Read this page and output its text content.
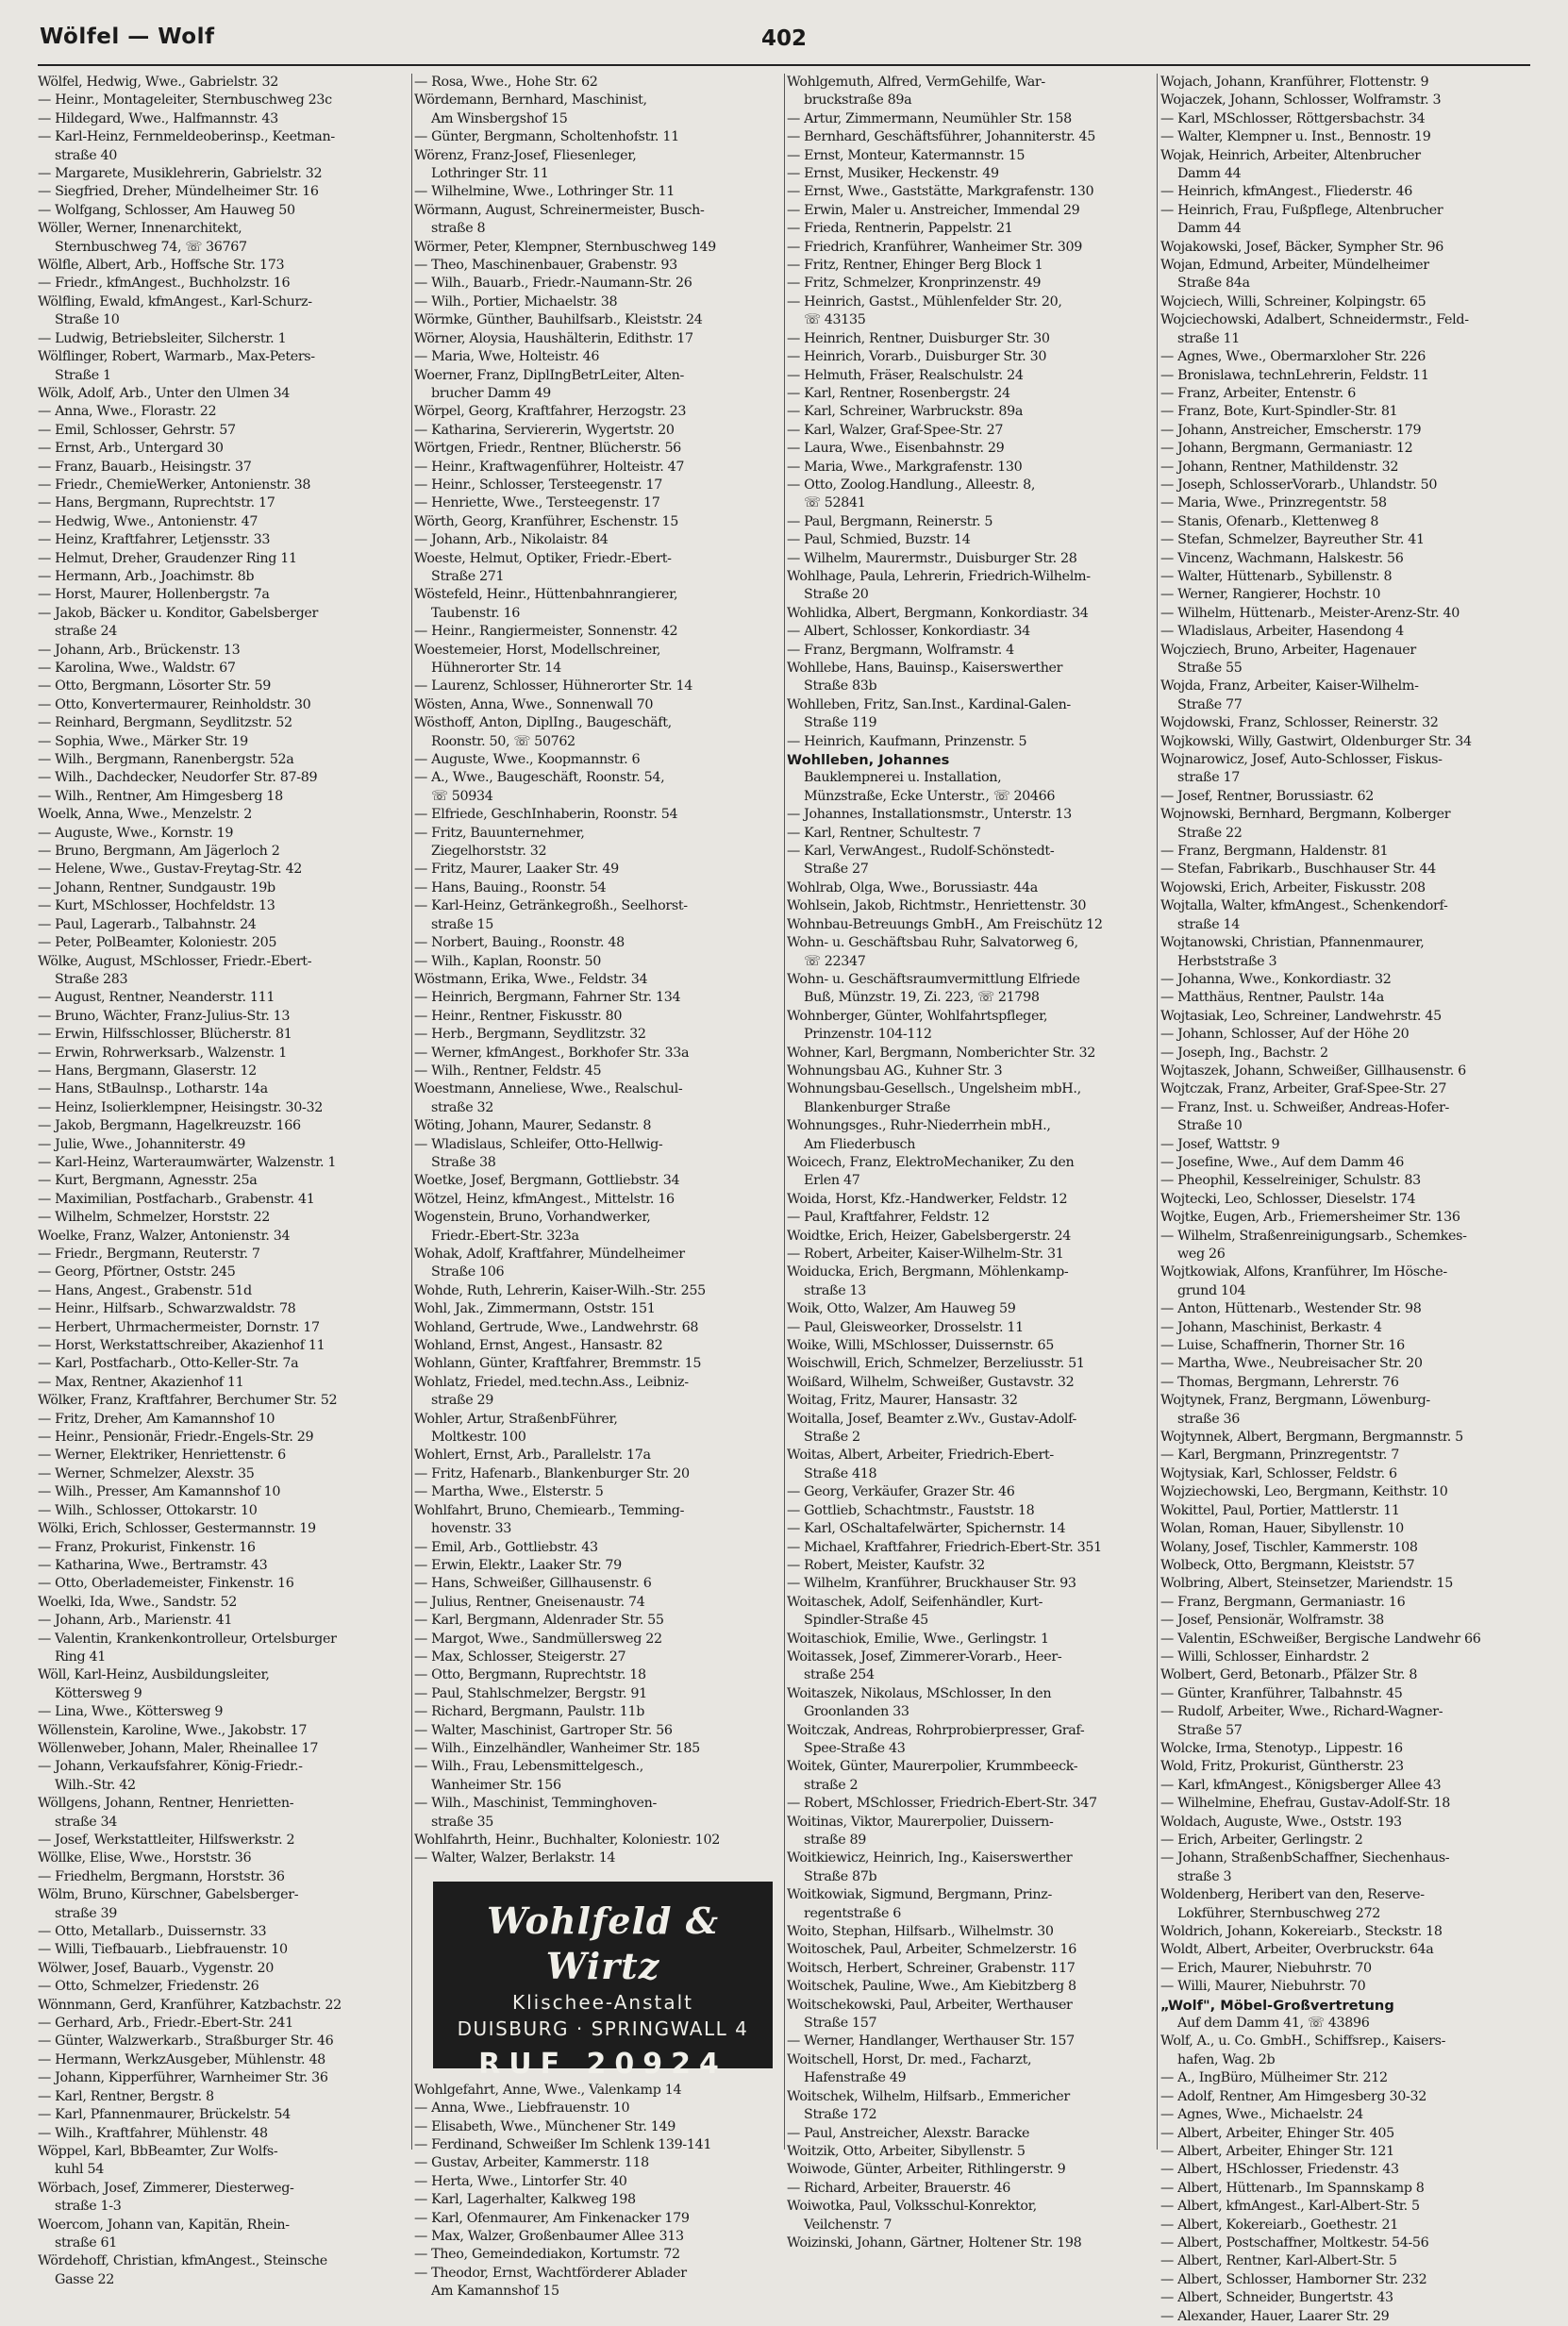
Wölfel — Wolf	402
Wölfel, Hedwig, Wwe., Gabrielstr. 32
— Heinr., Montageleiter, Sternbuschweg 23c
— Hildegard, Wwe., Halfmannstr. 43
— Karl-Heinz, Fernmeldeoberinsp., Keetman-
straße 40
— Margarete, Musiklehrerin, Gabrielstr. 32
— Siegfried, Dreher, Mündelheimer Str. 16
— Wolfgang, Schlosser, Am Hauweg 50
Wöller, Werner, Innenarchitekt,
Sternbuschweg 74, ☏ 36767
Wölfle, Albert, Arb., Hoffsche Str. 173
— Friedr., kfmAngest., Buchholzstr. 16
Wölfling, Ewald, kfmAngest., Karl-Schurz-
Straße 10
— Ludwig, Betriebsleiter, Silcherstr. 1
Wölflinger, Robert, Warmarb., Max-Peters-
Straße 1
Wölk, Adolf, Arb., Unter den Ulmen 34
— Anna, Wwe., Florastr. 22
— Emil, Schlosser, Gehrstr. 57
— Ernst, Arb., Untergard 30
— Franz, Bauarb., Heisingstr. 37
— Friedr., ChemieWerker, Antonienstr. 38
— Hans, Bergmann, Ruprechtstr. 17
— Hedwig, Wwe., Antonienstr. 47
— Heinz, Kraftfahrer, Letjensstr. 33
— Helmut, Dreher, Graudenzer Ring 11
— Hermann, Arb., Joachimstr. 8b
— Horst, Maurer, Hollenbergstr. 7a
— Jakob, Bäcker u. Konditor, Gabelsberger
straße 24
— Johann, Arb., Brückenstr. 13
— Karolina, Wwe., Waldstr. 67
— Otto, Bergmann, Lösorter Str. 59
— Otto, Konvertermaurer, Reinholdstr. 30
— Reinhard, Bergmann, Seydlitzstr. 52
— Sophia, Wwe., Märker Str. 19
— Wilh., Bergmann, Ranenbergstr. 52a
— Wilh., Dachdecker, Neudorfer Str. 87-89
— Wilh., Rentner, Am Himgesberg 18
Woelk, Anna, Wwe., Menzelstr. 2
— Auguste, Wwe., Kornstr. 19
— Bruno, Bergmann, Am Jägerloch 2
— Helene, Wwe., Gustav-Freytag-Str. 42
— Johann, Rentner, Sundgaustr. 19b
— Kurt, MSchlosser, Hochfeldstr. 13
— Paul, Lagerarb., Talbahnstr. 24
— Peter, PolBeamter, Koloniestr. 205
Wölke, August, MSchlosser, Friedr.-Ebert-
Straße 283
— August, Rentner, Neanderstr. 111
— Bruno, Wächter, Franz-Julius-Str. 13
— Erwin, Hilfsschlosser, Blücherstr. 81
— Erwin, Rohrwerksarb., Walzenstr. 1
— Hans, Bergmann, Glaserstr. 12
— Hans, StBaulnsp., Lotharstr. 14a
— Heinz, Isolierklempner, Heisingstr. 30-32
— Jakob, Bergmann, Hagelkreuzstr. 166
— Julie, Wwe., Johanniterstr. 49
— Karl-Heinz, Warteraumwärter, Walzenstr. 1
— Kurt, Bergmann, Agnesstr. 25a
— Maximilian, Postfacharb., Grabenstr. 41
— Wilhelm, Schmelzer, Horststr. 22
Woelke, Franz, Walzer, Antonienstr. 34
— Friedr., Bergmann, Reuterstr. 7
— Georg, Pförtner, Oststr. 245
— Hans, Angest., Grabenstr. 51d
— Heinr., Hilfsarb., Schwarzwaldstr. 78
— Herbert, Uhrmachermeister, Dornstr. 17
— Horst, Werkstattschreiber, Akazienhof 11
— Karl, Postfacharb., Otto-Keller-Str. 7a
— Max, Rentner, Akazienhof 11
Wölker, Franz, Kraftfahrer, Berchumer Str. 52
— Fritz, Dreher, Am Kamannshof 10
— Heinr., Pensionär, Friedr.-Engels-Str. 29
— Werner, Elektriker, Henriettenstr. 6
— Werner, Schmelzer, Alexstr. 35
— Wilh., Presser, Am Kamannshof 10
— Wilh., Schlosser, Ottokarstr. 10
Wölki, Erich, Schlosser, Gestermannstr. 19
— Franz, Prokurist, Finkenstr. 16
— Katharina, Wwe., Bertramstr. 43
— Otto, Oberlademeister, Finkenstr. 16
Woelki, Ida, Wwe., Sandstr. 52
— Johann, Arb., Marienstr. 41
— Valentin, Krankenkontrolleur, Ortelsburger
Ring 41
Wöll, Karl-Heinz, Ausbildungsleiter,
Köttersweg 9
— Lina, Wwe., Köttersweg 9
Wöllenstein, Karoline, Wwe., Jakobstr. 17
Wöllenweber, Johann, Maler, Rheinallee 17
— Johann, Verkaufsfahrer, König-Friedr.-
Wilh.-Str. 42
Wöllgens, Johann, Rentner, Henrietten-
straße 34
— Josef, Werkstattleiter, Hilfswerkstr. 2
Wöllke, Elise, Wwe., Horststr. 36
— Friedhelm, Bergmann, Horststr. 36
Wölm, Bruno, Kürschner, Gabelsberger-
straße 39
— Otto, Metallarb., Duissernstr. 33
— Willi, Tiefbauarb., Liebfrauenstr. 10
Wölwer, Josef, Bauarb., Vygenstr. 20
— Otto, Schmelzer, Friedenstr. 26
Wönnmann, Gerd, Kranführer, Katzbachstr. 22
— Gerhard, Arb., Friedr.-Ebert-Str. 241
— Günter, Walzwerkarb., Straßburger Str. 46
— Hermann, WerkzAusgeber, Mühlenstr. 48
— Johann, Kipperführer, Warnheimer Str. 36
— Karl, Rentner, Bergstr. 8
— Karl, Pfannenmaurer, Brückelstr. 54
— Wilh., Kraftfahrer, Mühlenstr. 48
Wöppel, Karl, BbBeamter, Zur Wolfs-
kuhl 54
Wörbach, Josef, Zimmerer, Diesterweg-
straße 1-3
Woercom, Johann van, Kapitän, Rhein-
straße 61
Wördehoff, Christian, kfmAngest., Steinsche
Gasse 22
— Rosa, Wwe., Hohe Str. 62
Wördemann, Bernhard, Maschinist,
Am Winsbergshof 15
— Günter, Bergmann, Scholtenhofstr. 11
Wörenz, Franz-Josef, Fliesenleger,
Lothringer Str. 11
— Wilhelmine, Wwe., Lothringer Str. 11
Wörmann, August, Schreinermeister, Busch-
straße 8
Wörmer, Peter, Klempner, Sternbuschweg 149
— Theo, Maschinenbauer, Grabenstr. 93
— Wilh., Bauarb., Friedr.-Naumann-Str. 26
— Wilh., Portier, Michaelstr. 38
Wörmke, Günther, Bauhilfsarb., Kleiststr. 24
Wörner, Aloysia, Haushälterin, Edithstr. 17
— Maria, Wwe, Holteistr. 46
Woerner, Franz, DiplIngBetrLeiter, Alten-
brucher Damm 49
Wörpel, Georg, Kraftfahrer, Herzogstr. 23
— Katharina, Serviererin, Wygertstr. 20
Wörtgen, Friedr., Rentner, Blücherstr. 56
— Heinr., Kraftwagenführer, Holteistr. 47
— Heinr., Schlosser, Tersteegenstr. 17
— Henriette, Wwe., Tersteegenstr. 17
Wörth, Georg, Kranführer, Eschenstr. 15
— Johann, Arb., Nikolaistr. 84
Woeste, Helmut, Optiker, Friedr.-Ebert-
Straße 271
Wöstefeld, Heinr., Hüttenbahnrangierer,
Taubenstr. 16
— Heinr., Rangiermeister, Sonnenstr. 42
Woestemeier, Horst, Modellschreiner,
Hühnerorter Str. 14
— Laurenz, Schlosser, Hühnerorter Str. 14
Wösten, Anna, Wwe., Sonnenwall 70
Wösthoff, Anton, DiplIng., Baugeschäft,
Roonstr. 50, ☏ 50762
— Auguste, Wwe., Koopmannstr. 6
— A., Wwe., Baugeschäft, Roonstr. 54,
☏ 50934
— Elfriede, GeschInhaberin, Roonstr. 54
— Fritz, Bauunternehmer,
Ziegelhorststr. 32
— Fritz, Maurer, Laaker Str. 49
— Hans, Bauing., Roonstr. 54
— Karl-Heinz, Getränkegroßh., Seelhorst-
straße 15
— Norbert, Bauing., Roonstr. 48
— Wilh., Kaplan, Roonstr. 50
Wöstmann, Erika, Wwe., Feldstr. 34
— Heinrich, Bergmann, Fahrner Str. 134
— Heinr., Rentner, Fiskusstr. 80
— Herb., Bergmann, Seydlitzstr. 32
— Werner, kfmAngest., Borkhofer Str. 33a
— Wilh., Rentner, Feldstr. 45
Woestmann, Anneliese, Wwe., Realschul-
straße 32
Wöting, Johann, Maurer, Sedanstr. 8
— Wladislaus, Schleifer, Otto-Hellwig-
Straße 38
Woetke, Josef, Bergmann, Gottliebstr. 34
Wötzel, Heinz, kfmAngest., Mittelstr. 16
Wogenstein, Bruno, Vorhandwerker,
Friedr.-Ebert-Str. 323a
Wohak, Adolf, Kraftfahrer, Mündelheimer
Straße 106
Wohde, Ruth, Lehrerin, Kaiser-Wilh.-Str. 255
Wohl, Jak., Zimmermann, Oststr. 151
Wohland, Gertrude, Wwe., Landwehrstr. 68
Wohland, Ernst, Angest., Hansastr. 82
Wohlann, Günter, Kraftfahrer, Bremmstr. 15
Wohlatz, Friedel, med.techn.Ass., Leibniz-
straße 29
Wohler, Artur, StraßenbFührer,
Moltkestr. 100
Wohlert, Ernst, Arb., Parallelstr. 17a
— Fritz, Hafenarb., Blankenburger Str. 20
— Martha, Wwe., Elsterstr. 5
Wohlfahrt, Bruno, Chemiearb., Temming-
hovenstr. 33
— Emil, Arb., Gottliebstr. 43
— Erwin, Elektr., Laaker Str. 79
— Hans, Schweißer, Gillhausenstr. 6
— Julius, Rentner, Gneisenaustr. 74
— Karl, Bergmann, Aldenrader Str. 55
— Margot, Wwe., Sandmüllersweg 22
— Max, Schlosser, Steigerstr. 27
— Otto, Bergmann, Ruprechtstr. 18
— Paul, Stahlschmelzer, Bergstr. 91
— Richard, Bergmann, Paulstr. 11b
— Walter, Maschinist, Gartroper Str. 56
— Wilh., Einzelhändler, Wanheimer Str. 185
— Wilh., Frau, Lebensmittelgesch.,
Wanheimer Str. 156
— Wilh., Maschinist, Temminghoven-
straße 35
Wohlfahrth, Heinr., Buchhalter, Koloniestr. 102
— Walter, Walzer, Berlakstr. 14
Wohlfeld & Wirtz
Klischee-Anstalt
DUISBURG · SPRINGWALL 4
RUF 20924
Wohlgefahrt, Anne, Wwe., Valenkamp 14
— Anna, Wwe., Liebfrauenstr. 10
— Elisabeth, Wwe., Münchener Str. 149
— Ferdinand, Schweißer Im Schlenk 139-141
— Gustav, Arbeiter, Kammerstr. 118
— Herta, Wwe., Lintorfer Str. 40
— Karl, Lagerhalter, Kalkweg 198
— Karl, Ofenmaurer, Am Finkenacker 179
— Max, Walzer, Großenbaumer Allee 313
— Theo, Gemeindediakon, Kortumstr. 72
— Theodor, Ernst, Wachtförderer Ablader
Am Kamannshof 15
Wohlgemuth, Alfred, VermGehilfe, War-
bruckstraße 89a
— Artur, Zimmermann, Neumühler Str. 158
— Bernhard, Geschäftsführer, Johanniterstr. 45
— Ernst, Monteur, Katermannstr. 15
— Ernst, Musiker, Heckenstr. 49
— Ernst, Wwe., Gaststätte, Markgrafenstr. 130
— Erwin, Maler u. Anstreicher, Immendal 29
— Frieda, Rentnerin, Pappelstr. 21
— Friedrich, Kranführer, Wanheimer Str. 309
— Fritz, Rentner, Ehinger Berg Block 1
— Fritz, Schmelzer, Kronprinzenstr. 49
— Heinrich, Gastst., Mühlenfelder Str. 20,
☏ 43135
— Heinrich, Rentner, Duisburger Str. 30
— Heinrich, Vorarb., Duisburger Str. 30
— Helmuth, Fräser, Realschulstr. 24
— Karl, Rentner, Rosenbergstr. 24
— Karl, Schreiner, Warbruckstr. 89a
— Karl, Walzer, Graf-Spee-Str. 27
— Laura, Wwe., Eisenbahnstr. 29
— Maria, Wwe., Markgrafenstr. 130
— Otto, Zoolog.Handlung., Alleestr. 8,
☏ 52841
— Paul, Bergmann, Reinerstr. 5
— Paul, Schmied, Buzstr. 14
— Wilhelm, Maurermstr., Duisburger Str. 28
Wohlhage, Paula, Lehrerin, Friedrich-Wilhelm-
Straße 20
Wohlidka, Albert, Bergmann, Konkordiastr. 34
— Albert, Schlosser, Konkordiastr. 34
— Franz, Bergmann, Wolframstr. 4
Wohllebe, Hans, Bauinsp., Kaiserswerther
Straße 83b
Wohlleben, Fritz, San.Inst., Kardinal-Galen-
Straße 119
— Heinrich, Kaufmann, Prinzenstr. 5
Wohlleben, Johannes
Bauklempnerei u. Installation,
Münzstraße, Ecke Unterstr., ☏ 20466
— Johannes, Installationsmstr., Unterstr. 13
— Karl, Rentner, Schultestr. 7
— Karl, VerwAngest., Rudolf-Schönstedt-
Straße 27
Wohlrab, Olga, Wwe., Borussiastr. 44a
Wohlsein, Jakob, Richtmstr., Henriettenstr. 30
Wohnbau-Betreuungs GmbH., Am Freischütz 12
Wohn- u. Geschäftsbau Ruhr, Salvatorweg 6,
☏ 22347
Wohn- u. Geschäftsraumvermittlung Elfriede
Buß, Münzstr. 19, Zi. 223, ☏ 21798
Wohnberger, Günter, Wohlfahrtspfleger,
Prinzenstr. 104-112
Wohner, Karl, Bergmann, Nomberichter Str. 32
Wohnungsbau AG., Kuhner Str. 3
Wohnungsbau-Gesellsch., Ungelsheim mbH.,
Blankenburger Straße
Wohnungsges., Ruhr-Niederrhein mbH.,
Am Fliederbusch
Woicech, Franz, ElektroMechaniker, Zu den
Erlen 47
Woida, Horst, Kfz.-Handwerker, Feldstr. 12
— Paul, Kraftfahrer, Feldstr. 12
Woidtke, Erich, Heizer, Gabelsbergerstr. 24
— Robert, Arbeiter, Kaiser-Wilhelm-Str. 31
Woiducka, Erich, Bergmann, Möhlenkamp-
straße 13
Woik, Otto, Walzer, Am Hauweg 59
— Paul, Gleisweorker, Drosselstr. 11
Woike, Willi, MSchlosser, Duissernstr. 65
Woischwill, Erich, Schmelzer, Berzeliusstr. 51
Woißard, Wilhelm, Schweißer, Gustavstr. 32
Woitag, Fritz, Maurer, Hansastr. 32
Woitalla, Josef, Beamter z.Wv., Gustav-Adolf-
Straße 2
Woitas, Albert, Arbeiter, Friedrich-Ebert-
Straße 418
— Georg, Verkäufer, Grazer Str. 46
— Gottlieb, Schachtmstr., Fauststr. 18
— Karl, OSchaltafelwärter, Spichernstr. 14
— Michael, Kraftfahrer, Friedrich-Ebert-Str. 351
— Robert, Meister, Kaufstr. 32
— Wilhelm, Kranführer, Bruckhauser Str. 93
Woitaschek, Adolf, Seifenhändler, Kurt-
Spindler-Straße 45
Woitaschiok, Emilie, Wwe., Gerlingstr. 1
Woitassek, Josef, Zimmerer-Vorarb., Heer-
straße 254
Woitaszek, Nikolaus, MSchlosser, In den
Groonlanden 33
Woitczak, Andreas, Rohrprobierpresser, Graf-
Spee-Straße 43
Woitek, Günter, Maurerpolier, Krummbeeck-
straße 2
— Robert, MSchlosser, Friedrich-Ebert-Str. 347
Woitinas, Viktor, Maurerpolier, Duissern-
straße 89
Woitkiewicz, Heinrich, Ing., Kaiserswerther
Straße 87b
Woitkowiak, Sigmund, Bergmann, Prinz-
regentstraße 6
Woito, Stephan, Hilfsarb., Wilhelmstr. 30
Woitoschek, Paul, Arbeiter, Schmelzerstr. 16
Woitsch, Herbert, Schreiner, Grabenstr. 117
Woitschek, Pauline, Wwe., Am Kiebitzberg 8
Woitschekowski, Paul, Arbeiter, Werthauser
Straße 157
— Werner, Handlanger, Werthauser Str. 157
Woitschell, Horst, Dr. med., Facharzt,
Hafenstraße 49
Woitschek, Wilhelm, Hilfsarb., Emmericher
Straße 172
— Paul, Anstreicher, Alexstr. Baracke
Woitzik, Otto, Arbeiter, Sibyllenstr. 5
Woiwode, Günter, Arbeiter, Rithlingerstr. 9
— Richard, Arbeiter, Brauerstr. 46
Woiwotka, Paul, Volksschul-Konrektor,
Veilchenstr. 7
Woizinski, Johann, Gärtner, Holtener Str. 198
Wojach, Johann, Kranführer, Flottenstr. 9
Wojaczek, Johann, Schlosser, Wolframstr. 3
— Karl, MSchlosser, Röttgersbachstr. 34
— Walter, Klempner u. Inst., Bennostr. 19
Wojak, Heinrich, Arbeiter, Altenbrucher
Damm 44
— Heinrich, kfmAngest., Fliederstr. 46
— Heinrich, Frau, Fußpflege, Altenbrucher
Damm 44
Wojakowski, Josef, Bäcker, Sympher Str. 96
Wojan, Edmund, Arbeiter, Mündelheimer
Straße 84a
Wojciech, Willi, Schreiner, Kolpingstr. 65
Wojciechowski, Adalbert, Schneidermstr., Feld-
straße 11
— Agnes, Wwe., Obermarxloher Str. 226
— Bronislawa, technLehrerin, Feldstr. 11
— Franz, Arbeiter, Entenstr. 6
— Franz, Bote, Kurt-Spindler-Str. 81
— Johann, Anstreicher, Emscherstr. 179
— Johann, Bergmann, Germaniastr. 12
— Johann, Rentner, Mathildenstr. 32
— Joseph, SchlosserVorarb., Uhlandstr. 50
— Maria, Wwe., Prinzregentstr. 58
— Stanis, Ofenarb., Klettenweg 8
— Stefan, Schmelzer, Bayreuther Str. 41
— Vincenz, Wachmann, Halskestr. 56
— Walter, Hüttenarb., Sybillenstr. 8
— Werner, Rangierer, Hochstr. 10
— Wilhelm, Hüttenarb., Meister-Arenz-Str. 40
— Wladislaus, Arbeiter, Hasendong 4
Wojcziech, Bruno, Arbeiter, Hagenauer
Straße 55
Wojda, Franz, Arbeiter, Kaiser-Wilhelm-
Straße 77
Wojdowski, Franz, Schlosser, Reinerstr. 32
Wojkowski, Willy, Gastwirt, Oldenburger Str. 34
Wojnarowicz, Josef, Auto-Schlosser, Fiskus-
straße 17
— Josef, Rentner, Borussiastr. 62
Wojnowski, Bernhard, Bergmann, Kolberger
Straße 22
— Franz, Bergmann, Haldenstr. 81
— Stefan, Fabrikarb., Buschhauser Str. 44
Wojowski, Erich, Arbeiter, Fiskusstr. 208
Wojtalla, Walter, kfmAngest., Schenkendorf-
straße 14
Wojtanowski, Christian, Pfannenmaurer,
Herbststraße 3
— Johanna, Wwe., Konkordiastr. 32
— Matthäus, Rentner, Paulstr. 14a
Wojtasiak, Leo, Schreiner, Landwehrstr. 45
— Johann, Schlosser, Auf der Höhe 20
— Joseph, Ing., Bachstr. 2
Wojtaszek, Johann, Schweißer, Gillhausenstr. 6
Wojtczak, Franz, Arbeiter, Graf-Spee-Str. 27
— Franz, Inst. u. Schweißer, Andreas-Hofer-
Straße 10
— Josef, Wattstr. 9
— Josefine, Wwe., Auf dem Damm 46
— Pheophil, Kesselreiniger, Schulstr. 83
Wojtecki, Leo, Schlosser, Dieselstr. 174
Wojtke, Eugen, Arb., Friemersheimer Str. 136
— Wilhelm, Straßenreinigungsarb., Schemkes-
weg 26
Wojtkowiak, Alfons, Kranführer, Im Hösche-
grund 104
— Anton, Hüttenarb., Westender Str. 98
— Johann, Maschinist, Berkastr. 4
— Luise, Schaffnerin, Thorner Str. 16
— Martha, Wwe., Neubreisacher Str. 20
— Thomas, Bergmann, Lehrerstr. 76
Wojtynek, Franz, Bergmann, Löwenburg-
straße 36
Wojtynnek, Albert, Bergmann, Bergmannstr. 5
— Karl, Bergmann, Prinzregentstr. 7
Wojtysiak, Karl, Schlosser, Feldstr. 6
Wojziechowski, Leo, Bergmann, Keithstr. 10
Wokittel, Paul, Portier, Mattlerstr. 11
Wolan, Roman, Hauer, Sibyllenstr. 10
Wolany, Josef, Tischler, Kammerstr. 108
Wolbeck, Otto, Bergmann, Kleiststr. 57
Wolbring, Albert, Steinsetzer, Mariendstr. 15
— Franz, Bergmann, Germaniastr. 16
— Josef, Pensionär, Wolframstr. 38
— Valentin, ESchweißer, Bergische Landwehr 66
— Willi, Schlosser, Einhardstr. 2
Wolbert, Gerd, Betonarb., Pfälzer Str. 8
— Günter, Kranführer, Talbahnstr. 45
— Rudolf, Arbeiter, Wwe., Richard-Wagner-
Straße 57
Wolcke, Irma, Stenotyp., Lippestr. 16
Wold, Fritz, Prokurist, Güntherstr. 23
— Karl, kfmAngest., Königsberger Allee 43
— Wilhelmine, Ehefrau, Gustav-Adolf-Str. 18
Woldach, Auguste, Wwe., Oststr. 193
— Erich, Arbeiter, Gerlingstr. 2
— Johann, StraßenbSchaffner, Siechenhaus-
straße 3
Woldenberg, Heribert van den, Reserve-
Lokführer, Sternbuschweg 272
Woldrich, Johann, Kokereiarb., Steckstr. 18
Woldt, Albert, Arbeiter, Overbruckstr. 64a
— Erich, Maurer, Niebuhrstr. 70
— Willi, Maurer, Niebuhrstr. 70
„Wolf", Möbel-Großvertretung
Auf dem Damm 41, ☏ 43896
Wolf, A., u. Co. GmbH., Schiffsrep., Kaisers-
hafen, Wag. 2b
— A., IngBüro, Mülheimer Str. 212
— Adolf, Rentner, Am Himgesberg 30-32
— Agnes, Wwe., Michaelstr. 24
— Albert, Arbeiter, Ehinger Str. 405
— Albert, Arbeiter, Ehinger Str. 121
— Albert, HSchlosser, Friedenstr. 43
— Albert, Hüttenarb., Im Spannskamp 8
— Albert, kfmAngest., Karl-Albert-Str. 5
— Albert, Kokereiarb., Goethestr. 21
— Albert, Postschaffner, Moltkestr. 54-56
— Albert, Rentner, Karl-Albert-Str. 5
— Albert, Schlosser, Hamborner Str. 232
— Albert, Schneider, Bungertstr. 43
— Alexander, Hauer, Laarer Str. 29
